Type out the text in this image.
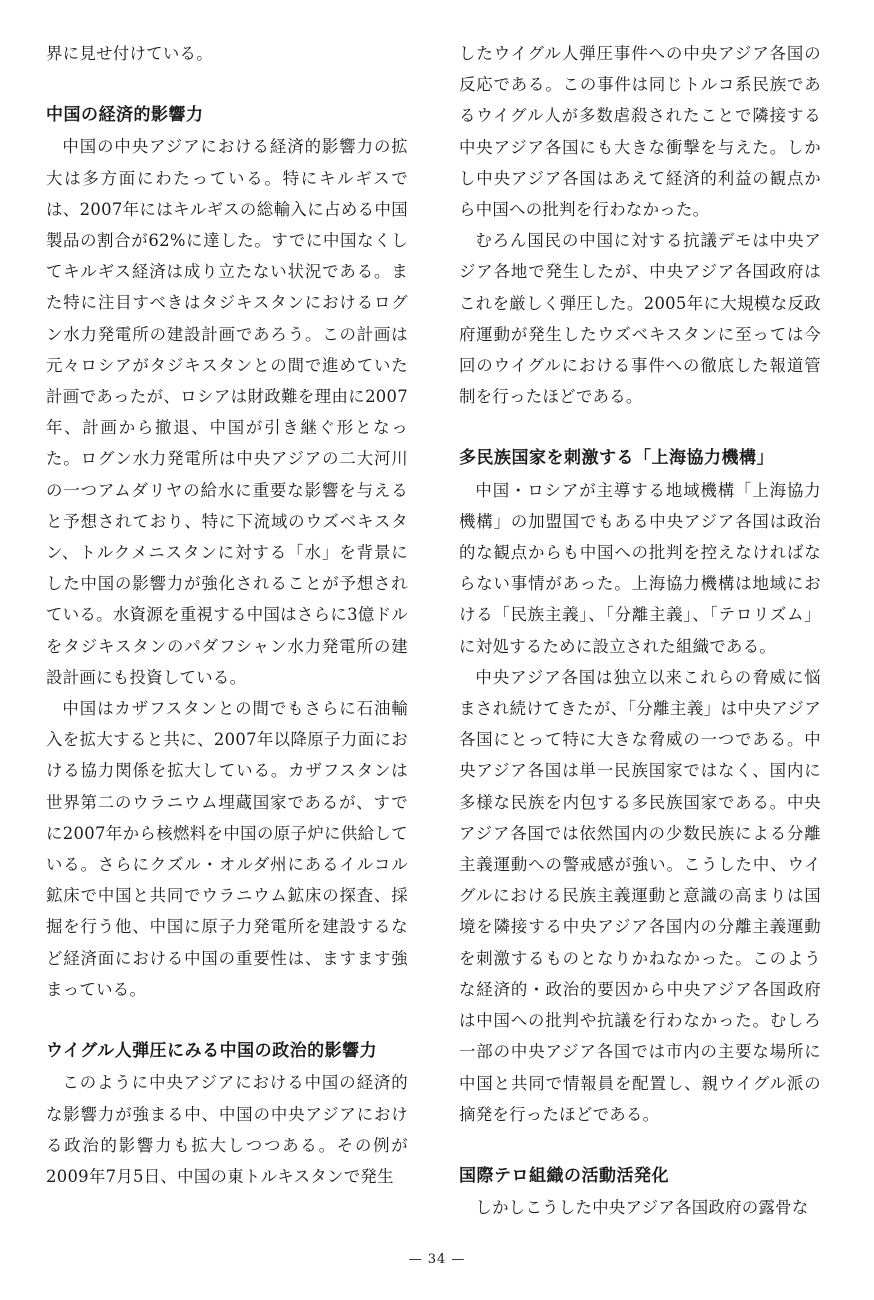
界に見せ付けている。

中国の経済的影響力

中国の中央アジアにおける経済的影響力の拡大は多方面にわたっている。特にキルギスでは、2007年にはキルギスの総輸入に占める中国製品の割合が62%に達した。すでに中国なくしてキルギス経済は成り立たない状況である。また特に注目すべきはタジキスタンにおけるログン水力発電所の建設計画であろう。この計画は元々ロシアがタジキスタンとの間で進めていた計画であったが、ロシアは財政難を理由に2007年、計画から撤退、中国が引き継ぐ形となった。ログン水力発電所は中央アジアの二大河川の一つアムダリヤの給水に重要な影響を与えると予想されており、特に下流域のウズベキスタン、トルクメニスタンに対する「水」を背景にした中国の影響力が強化されることが予想されている。水資源を重視する中国はさらに3億ドルをタジキスタンのパダフシャン水力発電所の建設計画にも投資している。

中国はカザフスタンとの間でもさらに石油輸入を拡大すると共に、2007年以降原子力面における協力関係を拡大している。カザフスタンは世界第二のウラニウム埋蔵国家であるが、すでに2007年から核燃料を中国の原子炉に供給している。さらにクズル・オルダ州にあるイルコル鉱床で中国と共同でウラニウム鉱床の探査、採掘を行う他、中国に原子力発電所を建設するなど経済面における中国の重要性は、ますます強まっている。

ウイグル人弾圧にみる中国の政治的影響力

このように中央アジアにおける中国の経済的な影響力が強まる中、中国の中央アジアにおける政治的影響力も拡大しつつある。その例が2009年7月5日、中国の東トルキスタンで発生

したウイグル人弾圧事件への中央アジア各国の反応である。この事件は同じトルコ系民族であるウイグル人が多数虐殺されたことで隣接する中央アジア各国にも大きな衝撃を与えた。しかし中央アジア各国はあえて経済的利益の観点から中国への批判を行わなかった。

むろん国民の中国に対する抗議デモは中央アジア各地で発生したが、中央アジア各国政府はこれを厳しく弾圧した。2005年に大規模な反政府運動が発生したウズベキスタンに至っては今回のウイグルにおける事件への徹底した報道管制を行ったほどである。

多民族国家を刺激する「上海協力機構」

中国・ロシアが主導する地域機構「上海協力機構」の加盟国でもある中央アジア各国は政治的な観点からも中国への批判を控えなければならない事情があった。上海協力機構は地域における「民族主義」、「分離主義」、「テロリズム」に対処するために設立された組織である。

中央アジア各国は独立以来これらの脅威に悩まされ続けてきたが、「分離主義」は中央アジア各国にとって特に大きな脅威の一つである。中央アジア各国は単一民族国家ではなく、国内に多様な民族を内包する多民族国家である。中央アジア各国では依然国内の少数民族による分離主義運動への警戒感が強い。こうした中、ウイグルにおける民族主義運動と意識の高まりは国境を隣接する中央アジア各国内の分離主義運動を刺激するものとなりかねなかった。このような経済的・政治的要因から中央アジア各国政府は中国への批判や抗議を行わなかった。むしろ一部の中央アジア各国では市内の主要な場所に中国と共同で情報員を配置し、親ウイグル派の摘発を行ったほどである。

国際テロ組織の活動活発化

しかしこうした中央アジア各国政府の露骨な

— 34 —
